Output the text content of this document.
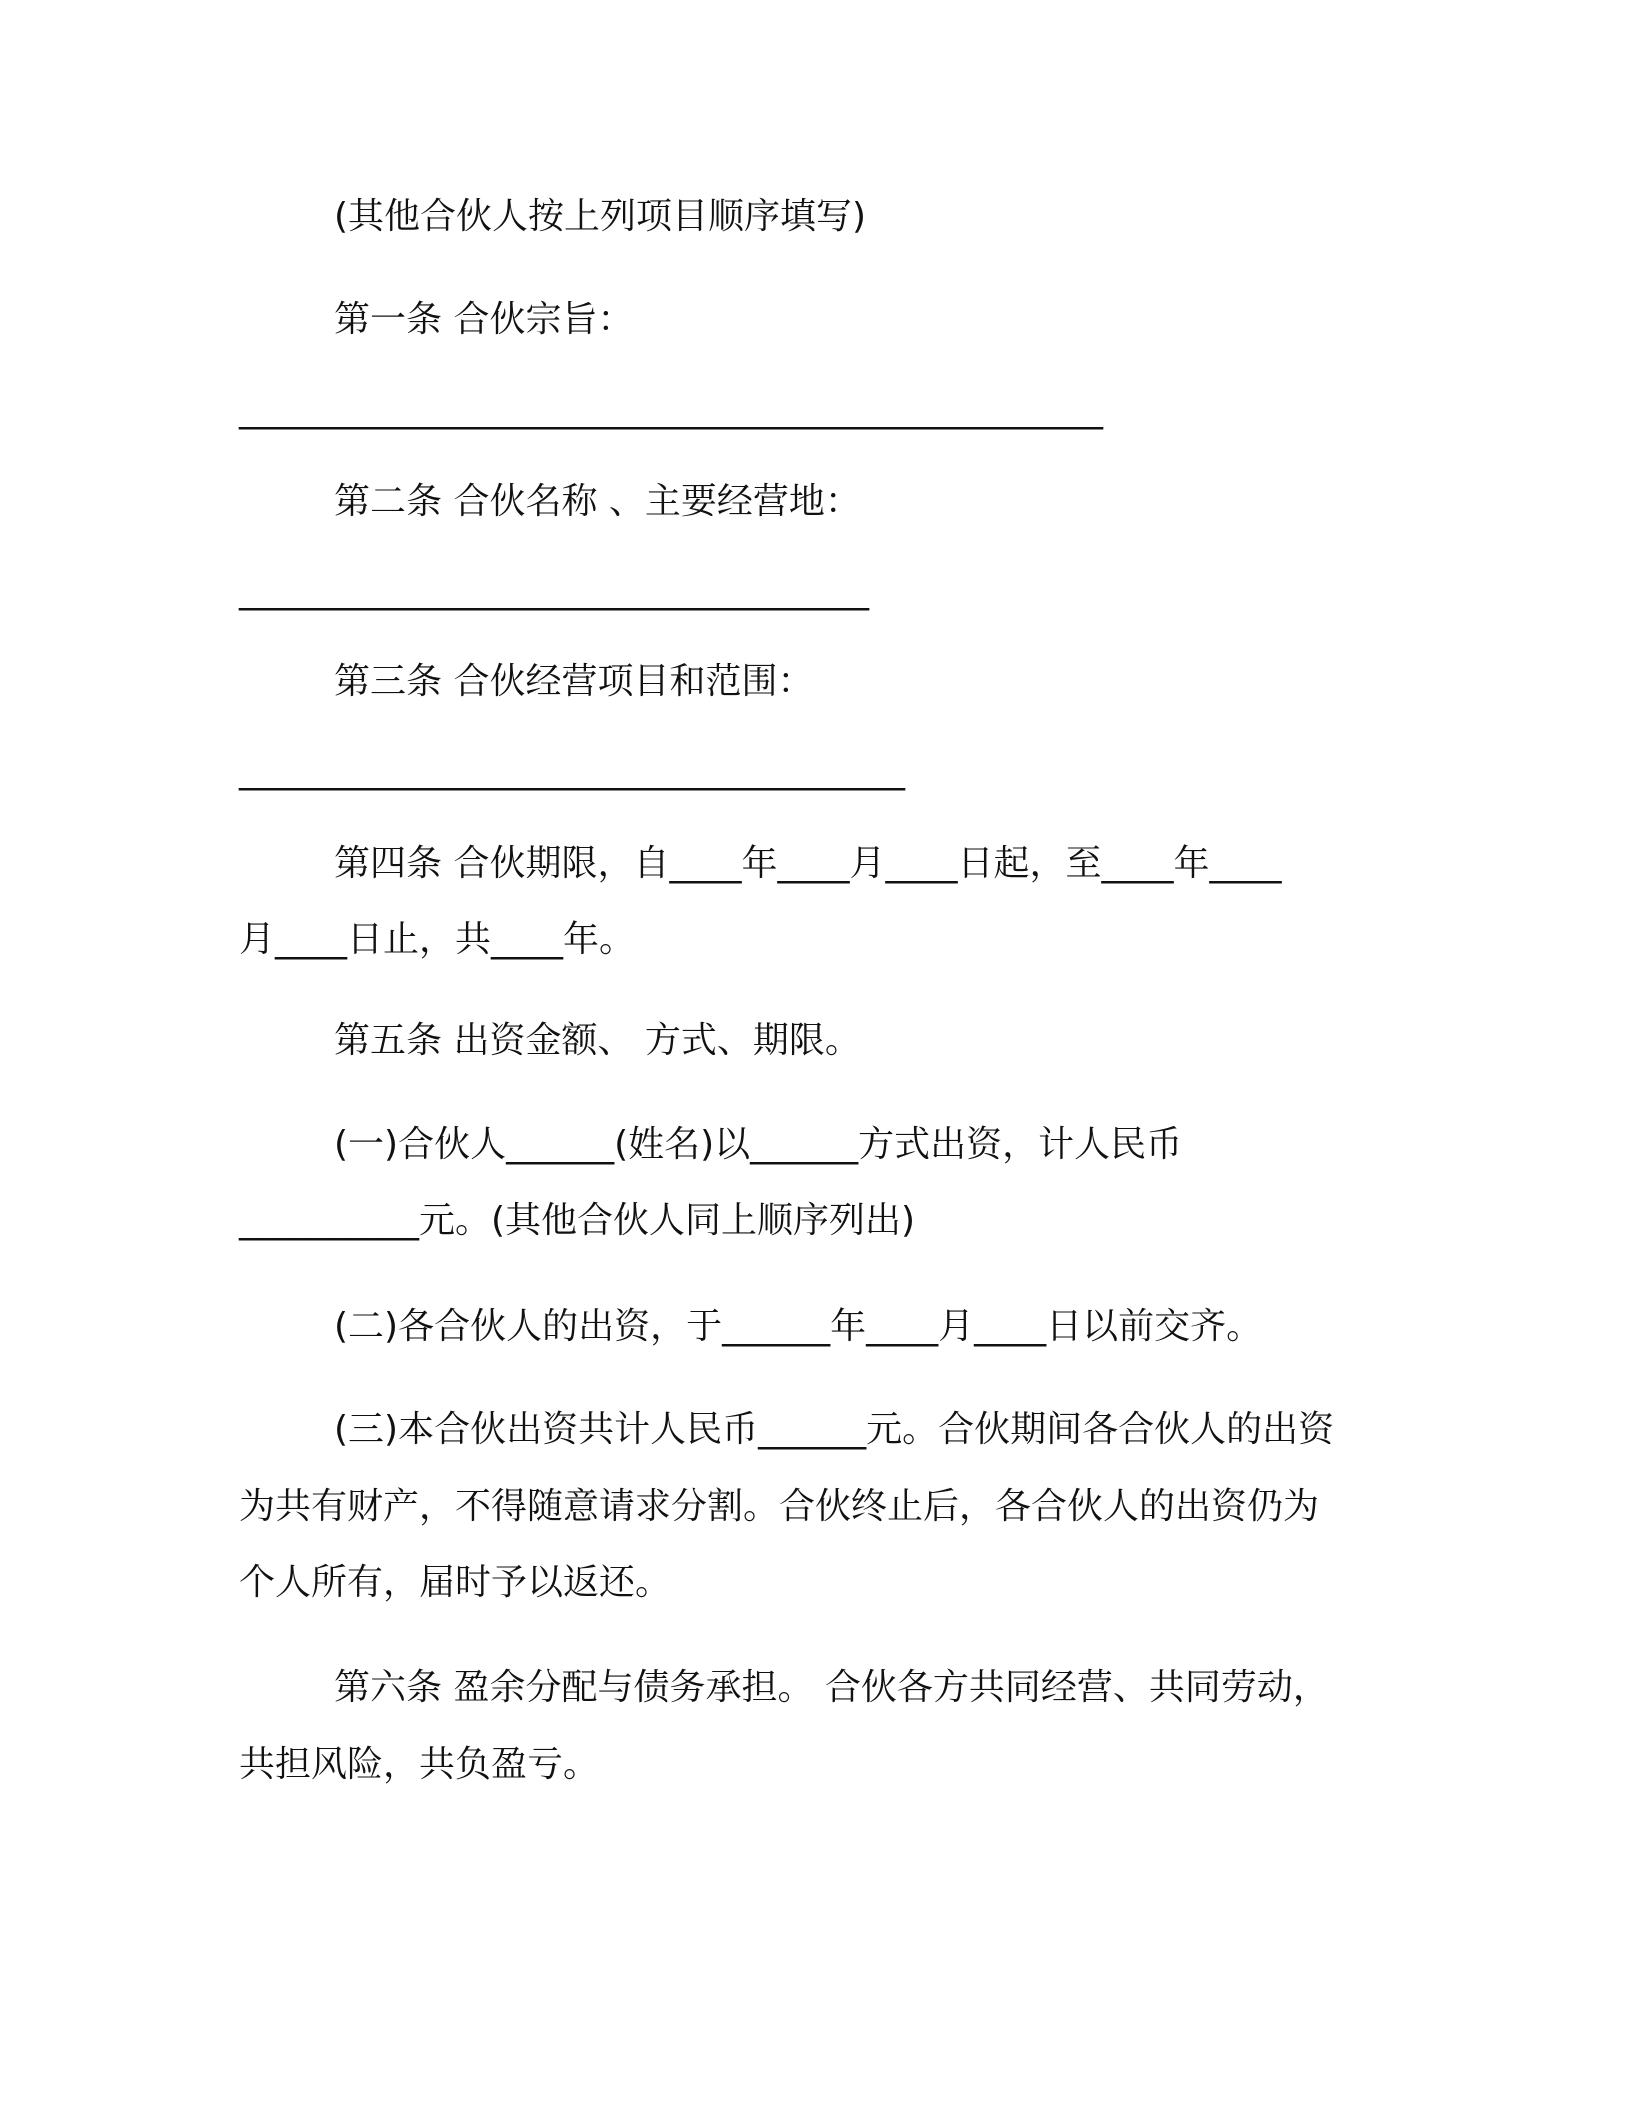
(其他合伙人按上列项目顺序填写)
第一条 合伙宗旨：
________________________________________________
第二条 合伙名称 、主要经营地：
___________________________________
第三条 合伙经营项目和范围：
_____________________________________
第四条 合伙期限，自____年____月____日起，至____年____
月____日止，共____年。
第五条 出资金额、 方式、期限。
(一)合伙人______(姓名)以______方式出资，计人民币
__________元。(其他合伙人同上顺序列出)
(二)各合伙人的出资，于______年____月____日以前交齐。
(三)本合伙出资共计人民币______元。合伙期间各合伙人的出资
为共有财产，不得随意请求分割。合伙终止后，各合伙人的出资仍为
个人所有，届时予以返还。
第六条 盈余分配与债务承担。 合伙各方共同经营、共同劳动，
共担风险，共负盈亏。
